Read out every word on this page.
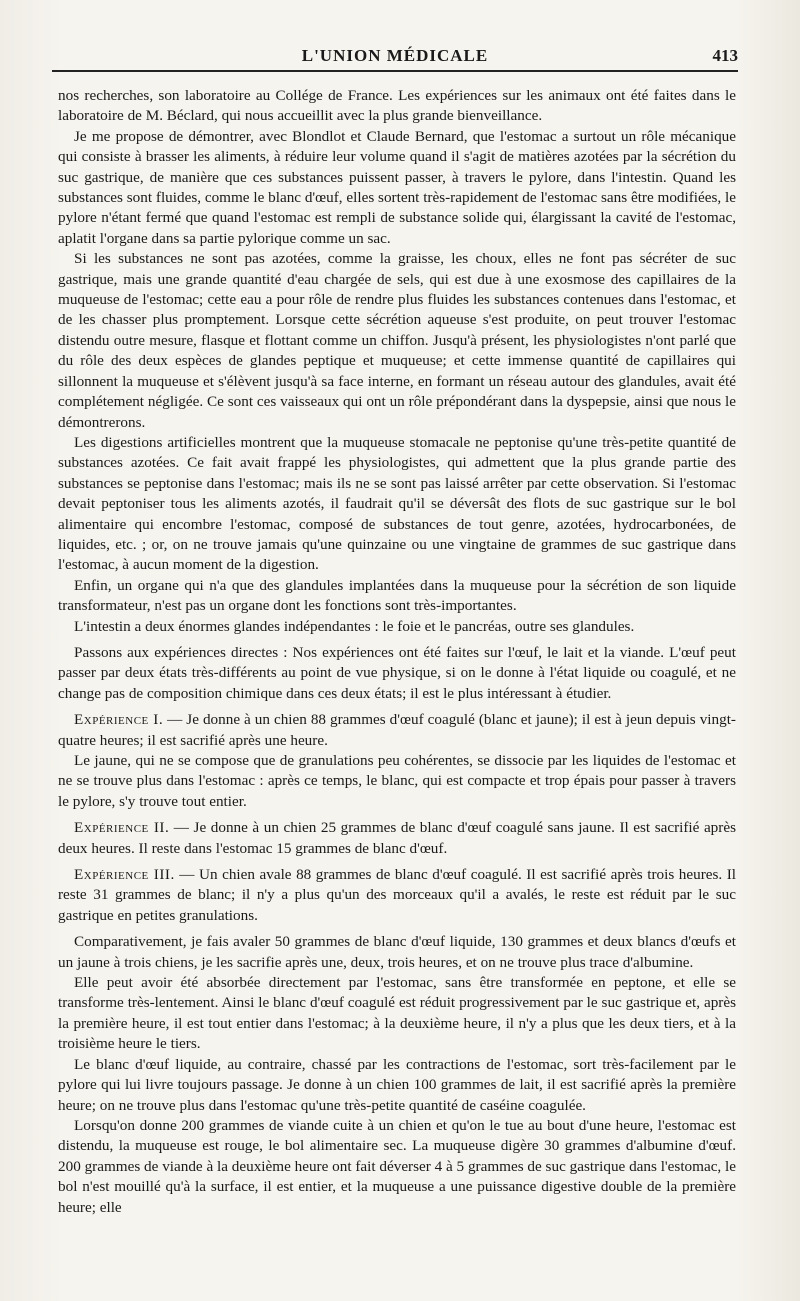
L'UNION MÉDICALE	413

nos recherches, son laboratoire au Collége de France. Les expériences sur les animaux ont été faites dans le laboratoire de M. Béclard, qui nous accueillit avec la plus grande bienveillance.

Je me propose de démontrer, avec Blondlot et Claude Bernard, que l'estomac a surtout un rôle mécanique qui consiste à brasser les aliments, à réduire leur volume quand il s'agit de matières azotées par la sécrétion du suc gastrique, de manière que ces substances puissent passer, à travers le pylore, dans l'intestin. Quand les substances sont fluides, comme le blanc d'œuf, elles sortent très-rapidement de l'estomac sans être modifiées, le pylore n'étant fermé que quand l'estomac est rempli de substance solide qui, élargissant la cavité de l'estomac, aplatit l'organe dans sa partie pylorique comme un sac.

Si les substances ne sont pas azotées, comme la graisse, les choux, elles ne font pas sécréter de suc gastrique, mais une grande quantité d'eau chargée de sels, qui est due à une exosmose des capillaires de la muqueuse de l'estomac; cette eau a pour rôle de rendre plus fluides les substances contenues dans l'estomac, et de les chasser plus promptement. Lorsque cette sécrétion aqueuse s'est produite, on peut trouver l'estomac distendu outre mesure, flasque et flottant comme un chiffon. Jusqu'à présent, les physiologistes n'ont parlé que du rôle des deux espèces de glandes peptique et muqueuse; et cette immense quantité de capillaires qui sillonnent la muqueuse et s'élèvent jusqu'à sa face interne, en formant un réseau autour des glandules, avait été complétement négligée. Ce sont ces vaisseaux qui ont un rôle prépondérant dans la dyspepsie, ainsi que nous le démontrerons.

Les digestions artificielles montrent que la muqueuse stomacale ne peptonise qu'une très-petite quantité de substances azotées. Ce fait avait frappé les physiologistes, qui admettent que la plus grande partie des substances se peptonise dans l'estomac; mais ils ne se sont pas laissé arrêter par cette observation. Si l'estomac devait peptoniser tous les aliments azotés, il faudrait qu'il se déversât des flots de suc gastrique sur le bol alimentaire qui encombre l'estomac, composé de substances de tout genre, azotées, hydrocarbonées, de liquides, etc. ; or, on ne trouve jamais qu'une quinzaine ou une vingtaine de grammes de suc gastrique dans l'estomac, à aucun moment de la digestion.

Enfin, un organe qui n'a que des glandules implantées dans la muqueuse pour la sécrétion de son liquide transformateur, n'est pas un organe dont les fonctions sont très-importantes.

L'intestin a deux énormes glandes indépendantes : le foie et le pancréas, outre ses glandules.

Passons aux expériences directes : Nos expériences ont été faites sur l'œuf, le lait et la viande. L'œuf peut passer par deux états très-différents au point de vue physique, si on le donne à l'état liquide ou coagulé, et ne change pas de composition chimique dans ces deux états; il est le plus intéressant à étudier.

Expérience I. — Je donne à un chien 88 grammes d'œuf coagulé (blanc et jaune); il est à jeun depuis vingt-quatre heures; il est sacrifié après une heure.

Le jaune, qui ne se compose que de granulations peu cohérentes, se dissocie par les liquides de l'estomac et ne se trouve plus dans l'estomac : après ce temps, le blanc, qui est compacte et trop épais pour passer à travers le pylore, s'y trouve tout entier.

Expérience II. — Je donne à un chien 25 grammes de blanc d'œuf coagulé sans jaune. Il est sacrifié après deux heures. Il reste dans l'estomac 15 grammes de blanc d'œuf.

Expérience III. — Un chien avale 88 grammes de blanc d'œuf coagulé. Il est sacrifié après trois heures. Il reste 31 grammes de blanc; il n'y a plus qu'un des morceaux qu'il a avalés, le reste est réduit par le suc gastrique en petites granulations.

Comparativement, je fais avaler 50 grammes de blanc d'œuf liquide, 130 grammes et deux blancs d'œufs et un jaune à trois chiens, je les sacrifie après une, deux, trois heures, et on ne trouve plus trace d'albumine.

Elle peut avoir été absorbée directement par l'estomac, sans être transformée en peptone, et elle se transforme très-lentement. Ainsi le blanc d'œuf coagulé est réduit progressivement par le suc gastrique et, après la première heure, il est tout entier dans l'estomac; à la deuxième heure, il n'y a plus que les deux tiers, et à la troisième heure le tiers.

Le blanc d'œuf liquide, au contraire, chassé par les contractions de l'estomac, sort très-facilement par le pylore qui lui livre toujours passage. Je donne à un chien 100 grammes de lait, il est sacrifié après la première heure; on ne trouve plus dans l'estomac qu'une très-petite quantité de caséine coagulée.

Lorsqu'on donne 200 grammes de viande cuite à un chien et qu'on le tue au bout d'une heure, l'estomac est distendu, la muqueuse est rouge, le bol alimentaire sec. La muqueuse digère 30 grammes d'albumine d'œuf. 200 grammes de viande à la deuxième heure ont fait déverser 4 à 5 grammes de suc gastrique dans l'estomac, le bol n'est mouillé qu'à la surface, il est entier, et la muqueuse a une puissance digestive double de la première heure; elle
